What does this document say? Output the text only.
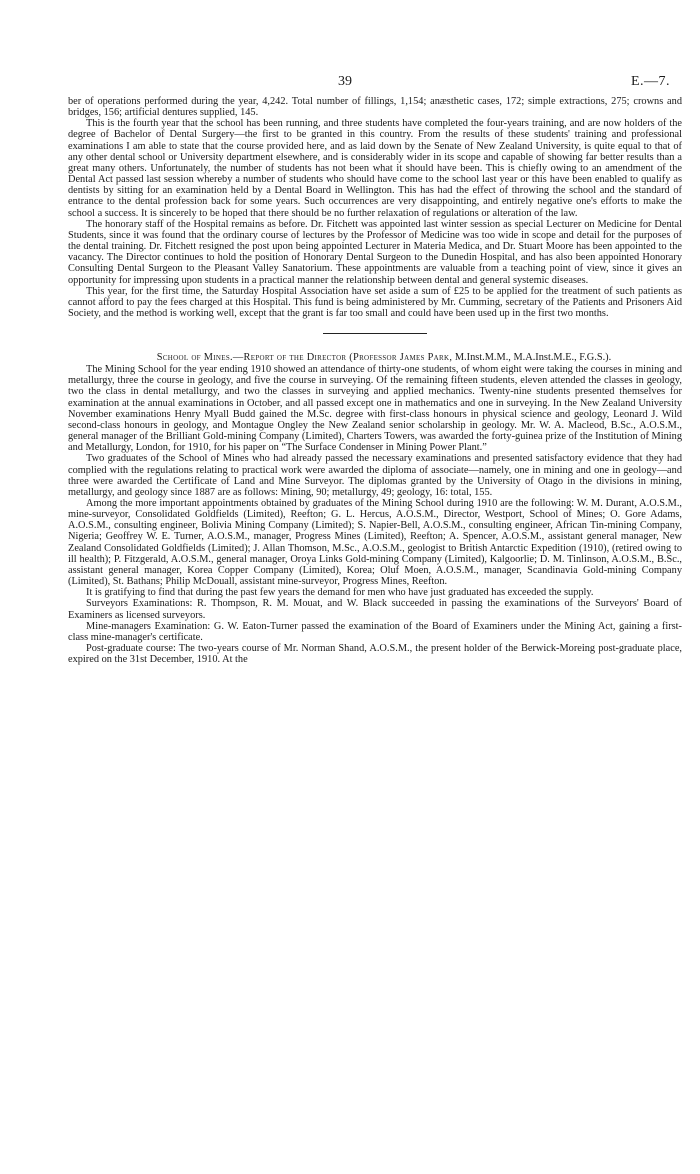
39	E.—7.

ber of operations performed during the year, 4,242. Total number of fillings, 1,154; anæsthetic cases, 172; simple extractions, 275; crowns and bridges, 156; artificial dentures supplied, 145.

This is the fourth year that the school has been running, and three students have completed the four-years training, and are now holders of the degree of Bachelor of Dental Surgery—the first to be granted in this country. From the results of these students' training and professional examinations I am able to state that the course provided here, and as laid down by the Senate of New Zealand University, is quite equal to that of any other dental school or University department elsewhere, and is considerably wider in its scope and capable of showing far better results than a great many others. Unfortunately, the number of students has not been what it should have been. This is chiefly owing to an amendment of the Dental Act passed last session whereby a number of students who should have come to the school last year or this have been enabled to qualify as dentists by sitting for an examination held by a Dental Board in Wellington. This has had the effect of throwing the school and the standard of entrance to the dental profession back for some years. Such occurrences are very disappointing, and entirely negative one's efforts to make the school a success. It is sincerely to be hoped that there should be no further relaxation of regulations or alteration of the law.

The honorary staff of the Hospital remains as before. Dr. Fitchett was appointed last winter session as special Lecturer on Medicine for Dental Students, since it was found that the ordinary course of lectures by the Professor of Medicine was too wide in scope and detail for the purposes of the dental training. Dr. Fitchett resigned the post upon being appointed Lecturer in Materia Medica, and Dr. Stuart Moore has been appointed to the vacancy. The Director continues to hold the position of Honorary Dental Surgeon to the Dunedin Hospital, and has also been appointed Honorary Consulting Dental Surgeon to the Pleasant Valley Sanatorium. These appointments are valuable from a teaching point of view, since it gives an opportunity for impressing upon students in a practical manner the relationship between dental and general systemic diseases.

This year, for the first time, the Saturday Hospital Association have set aside a sum of £25 to be applied for the treatment of such patients as cannot afford to pay the fees charged at this Hospital. This fund is being administered by Mr. Cumming, secretary of the Patients and Prisoners Aid Society, and the method is working well, except that the grant is far too small and could have been used up in the first two months.

School of Mines.—Report of the Director (Professor James Park, M.Inst.M.M., M.A.Inst.M.E., F.G.S.).

The Mining School for the year ending 1910 showed an attendance of thirty-one students, of whom eight were taking the courses in mining and metallurgy, three the course in geology, and five the course in surveying. Of the remaining fifteen students, eleven attended the classes in geology, two the class in dental metallurgy, and two the classes in surveying and applied mechanics. Twenty-nine students presented themselves for examination at the annual examinations in October, and all passed except one in mathematics and one in surveying. In the New Zealand University November examinations Henry Myall Budd gained the M.Sc. degree with first-class honours in physical science and geology, Leonard J. Wild second-class honours in geology, and Montague Ongley the New Zealand senior scholarship in geology. Mr. W. A. Macleod, B.Sc., A.O.S.M., general manager of the Brilliant Gold-mining Company (Limited), Charters Towers, was awarded the forty-guinea prize of the Institution of Mining and Metallurgy, London, for 1910, for his paper on “The Surface Condenser in Mining Power Plant.”

Two graduates of the School of Mines who had already passed the necessary examinations and presented satisfactory evidence that they had complied with the regulations relating to practical work were awarded the diploma of associate—namely, one in mining and one in geology—and three were awarded the Certificate of Land and Mine Surveyor. The diplomas granted by the University of Otago in the divisions in mining, metallurgy, and geology since 1887 are as follows: Mining, 90; metallurgy, 49; geology, 16: total, 155.

Among the more important appointments obtained by graduates of the Mining School during 1910 are the following: W. M. Durant, A.O.S.M., mine-surveyor, Consolidated Goldfields (Limited), Reefton; G. L. Hercus, A.O.S.M., Director, Westport, School of Mines; O. Gore Adams, A.O.S.M., consulting engineer, Bolivia Mining Company (Limited); S. Napier-Bell, A.O.S.M., consulting engineer, African Tin-mining Company, Nigeria; Geoffrey W. E. Turner, A.O.S.M., manager, Progress Mines (Limited), Reefton; A. Spencer, A.O.S.M., assistant general manager, New Zealand Consolidated Goldfields (Limited); J. Allan Thomson, M.Sc., A.O.S.M., geologist to British Antarctic Expedition (1910), (retired owing to ill health); P. Fitzgerald, A.O.S.M., general manager, Oroya Links Gold-mining Company (Limited), Kalgoorlie; D. M. Tinlinson, A.O.S.M., B.Sc., assistant general manager, Korea Copper Company (Limited), Korea; Oluf Moen, A.O.S.M., manager, Scandinavia Gold-mining Company (Limited), St. Bathans; Philip McDouall, assistant mine-surveyor, Progress Mines, Reefton.

It is gratifying to find that during the past few years the demand for men who have just graduated has exceeded the supply.

Surveyors Examinations: R. Thompson, R. M. Mouat, and W. Black succeeded in passing the examinations of the Surveyors' Board of Examiners as licensed surveyors.

Mine-managers Examination: G. W. Eaton-Turner passed the examination of the Board of Examiners under the Mining Act, gaining a first-class mine-manager's certificate.

Post-graduate course: The two-years course of Mr. Norman Shand, A.O.S.M., the present holder of the Berwick-Moreing post-graduate place, expired on the 31st December, 1910. At the
